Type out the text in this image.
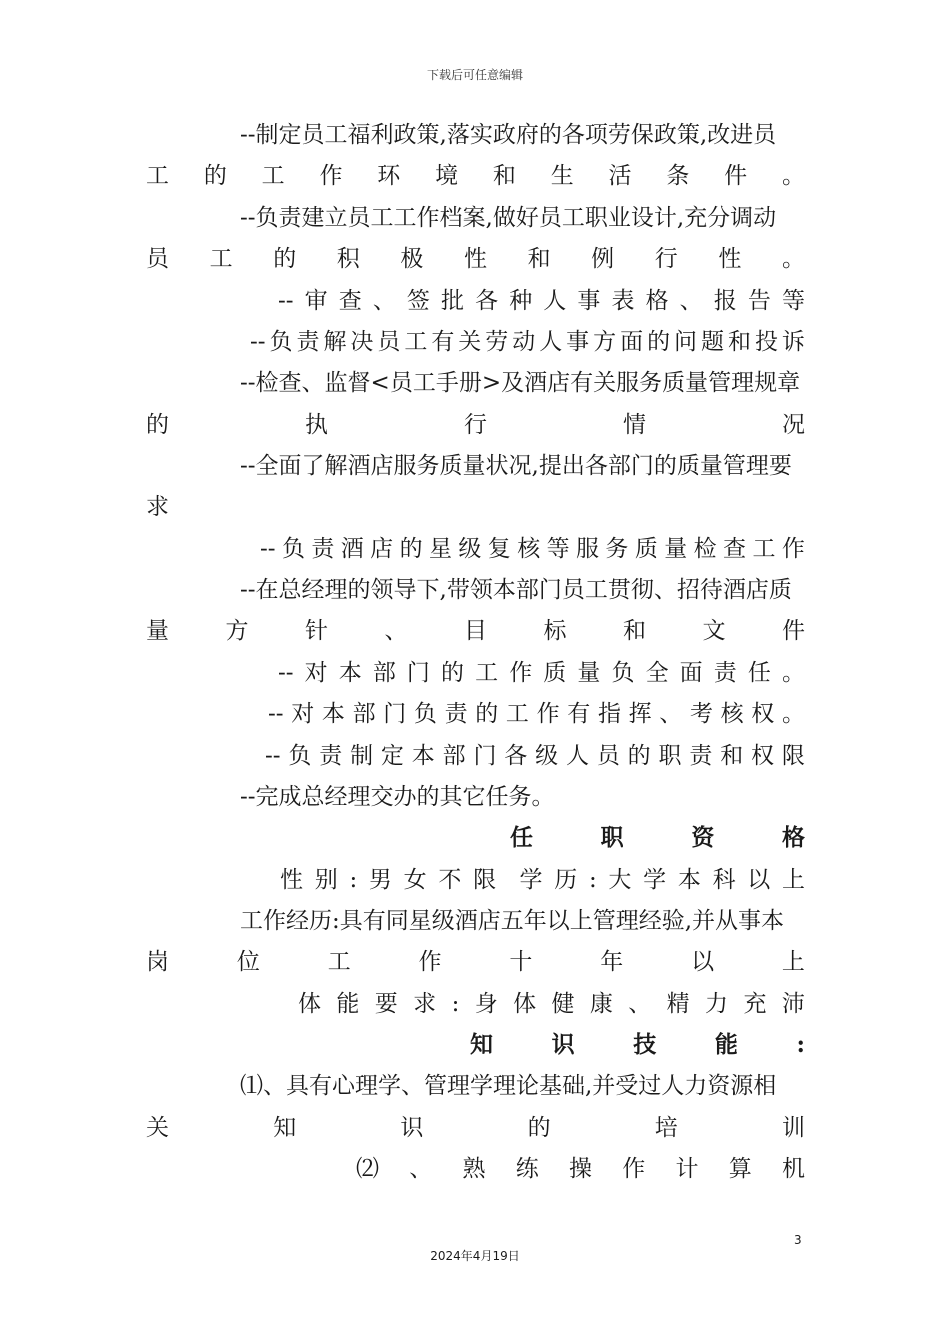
下载后可任意编辑
--制定员工福利政策,落实政府的各项劳保政策,改进员
工 的 工 作 环 境 和 生 活 条 件 。
--负责建立员工工作档案,做好员工职业设计,充分调动
员 工 的 积 极 性 和 例 行 性 。
-- 审 查 、 签 批 各 种 人 事 表 格 、 报 告 等
-- 负 责 解 决 员 工 有 关 劳 动 人 事 方 面 的 问 题 和 投 诉
--检查、监督<员工手册>及酒店有关服务质量管理规章
的	执	行	情	况
--全面了解酒店服务质量状况,提出各部门的质量管理要
求
-- 负 责 酒 店 的 星 级 复 核 等 服 务 质 量 检 查 工 作
--在总经理的领导下,带领本部门员工贯彻、招待酒店质
量 方 针 、 目 标 和 文 件
-- 对 本 部 门 的 工 作 质 量 负 全 面 责 任 。
-- 对 本 部 门 负 责 的 工 作 有 指 挥 、 考 核 权 。
-- 负 责 制 定 本 部 门 各 级 人 员 的 职 责 和 权 限
--完成总经理交办的其它任务。
任	职	资	格
性 别 : 男 女 不 限 学 历 : 大 学 本 科 以 上
工作经历:具有同星级酒店五年以上管理经验,并从事本
岗	位	工	作	十	年	以	上
体 能 要 求 : 身 体 健 康 、 精 力 充 沛
知	识	技	能	:
⑴、具有心理学、管理学理论基础,并受过人力资源相
关	知	识	的	培	训
⑵ 、 熟 练 操 作 计 算 机
3
2024年4月19日
